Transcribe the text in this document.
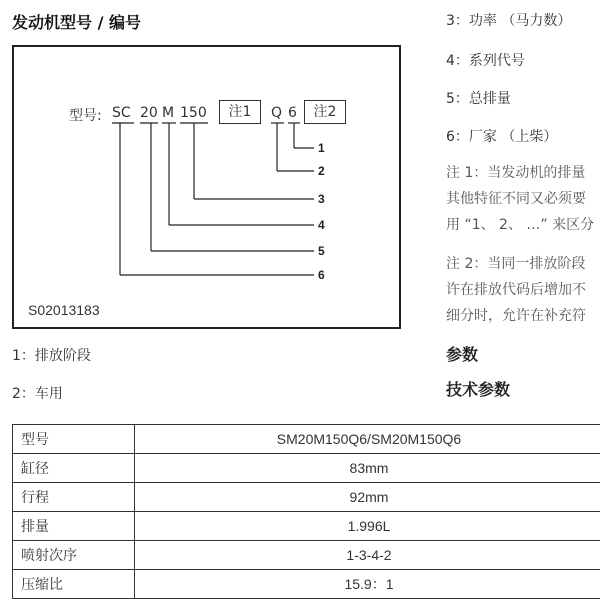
发动机型号 / 编号
型号: SC 20 M 150	注1	Q 6	注2
1
2
3
4
5
6
S02013183
1：排放阶段
2：车用
3：功率 （马力数）
4：系列代号
5：总排量
6：厂家 （上柴）
注 1：当发动机的排量
其他特征不同又必须要
用 “1、 2、 …” 来区分
注 2：当同一排放阶段
许在排放代码后增加不
细分时，允许在补充符
参数
技术参数
型号	SM20M150Q6/SM20M150Q6
缸径	83mm
行程	92mm
排量	1.996L
喷射次序	1-3-4-2
压缩比	15.9：1
